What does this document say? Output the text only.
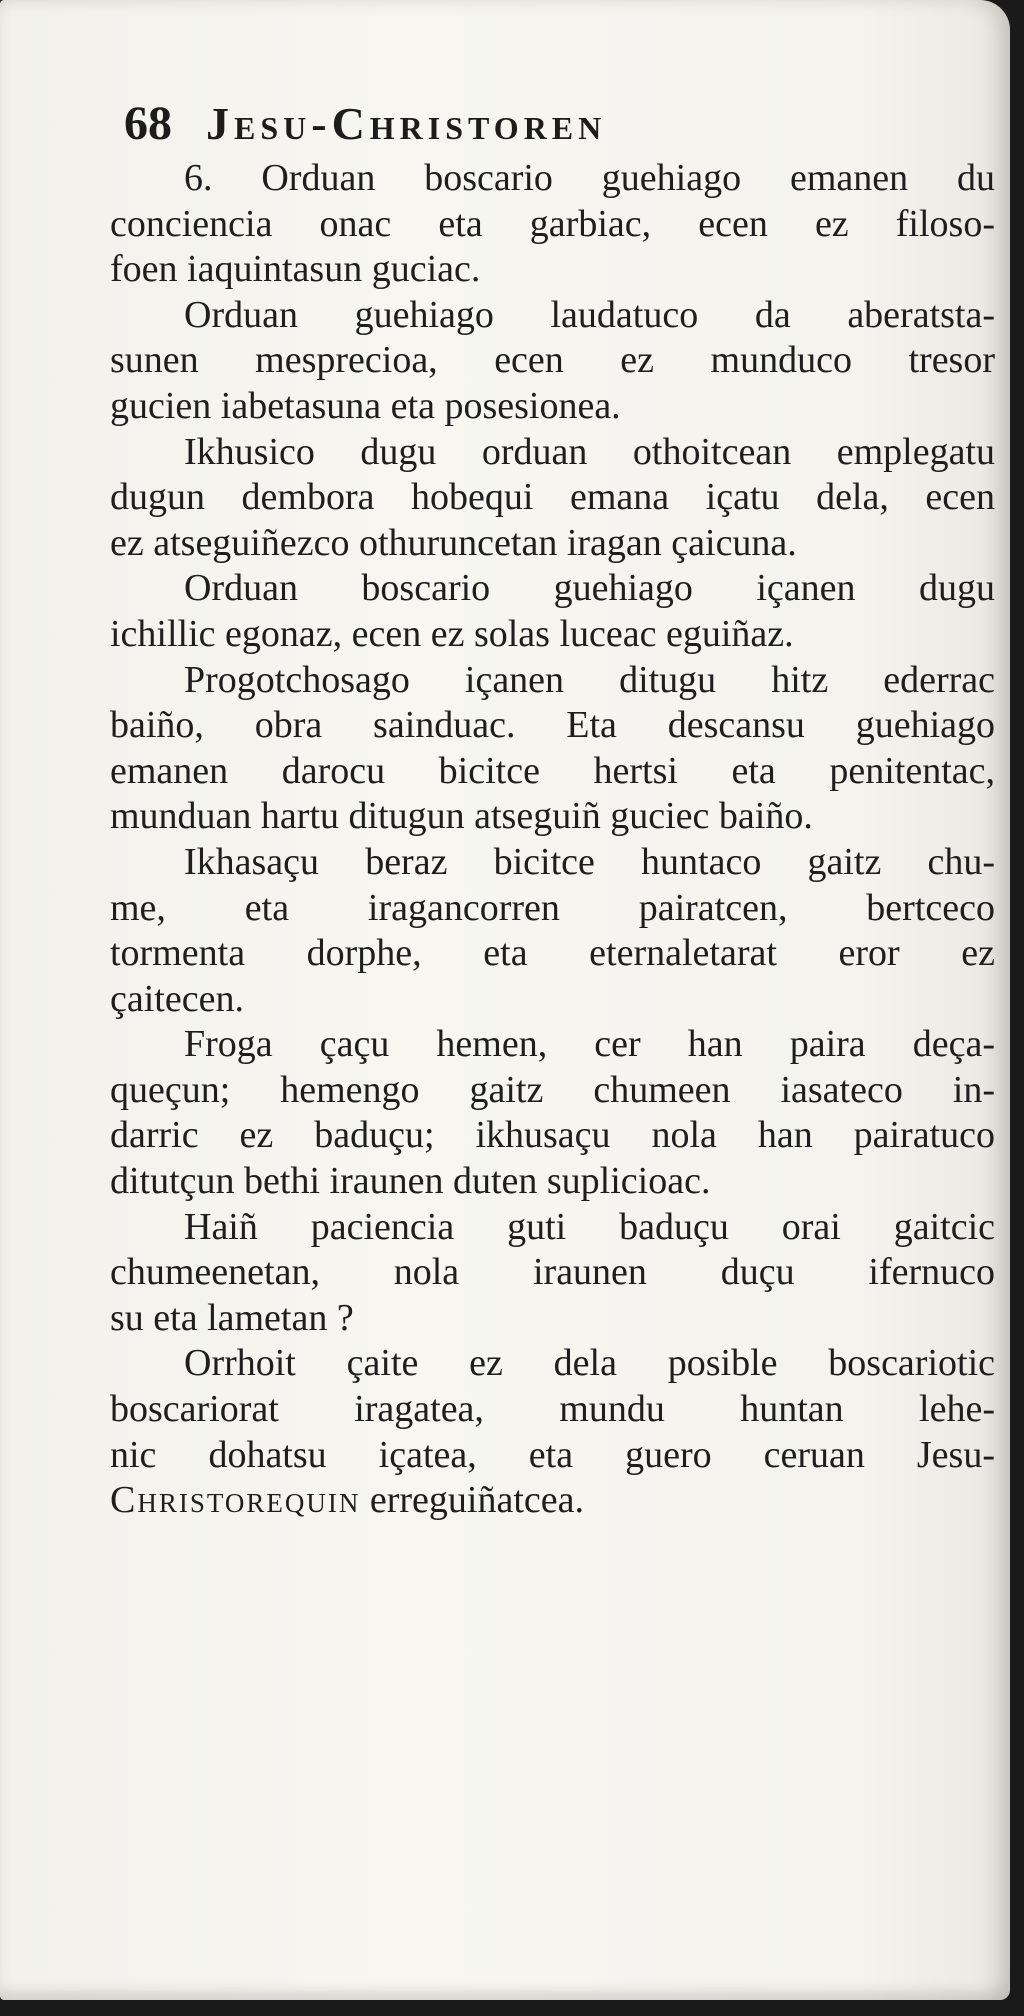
68 Jesu-Christoren
6. Orduan boscario guehiago emanen du
conciencia onac eta garbiac, ecen ez filoso-
foen iaquintasun guciac.
Orduan guehiago laudatuco da aberatsta-
sunen mesprecioa, ecen ez munduco tresor
gucien iabetasuna eta posesionea.
Ikhusico dugu orduan othoitcean emplegatu
dugun dembora hobequi emana içatu dela, ecen
ez atseguiñezco othuruncetan iragan çaicuna.
Orduan boscario guehiago içanen dugu
ichillic egonaz, ecen ez solas luceac eguiñaz.
Progotchosago içanen ditugu hitz ederrac
baiño, obra sainduac. Eta descansu guehiago
emanen darocu bicitce hertsi eta penitentac,
munduan hartu ditugun atseguiñ guciec baiño.
Ikhasaçu beraz bicitce huntaco gaitz chu-
me, eta iragancorren pairatcen, bertceco
tormenta dorphe, eta eternaletarat eror ez
çaitecen.
Froga çaçu hemen, cer han paira deça-
queçun; hemengo gaitz chumeen iasateco in-
darric ez baduçu; ikhusaçu nola han pairatuco
ditutçun bethi iraunen duten suplicioac.
Haiñ paciencia guti baduçu orai gaitcic
chumeenetan, nola iraunen duçu ifernuco
su eta lametan ?
Orrhoit çaite ez dela posible boscariotic
boscariorat iragatea, mundu huntan lehe-
nic dohatsu içatea, eta guero ceruan Jesu-
Christorequin erreguiñatcea.
